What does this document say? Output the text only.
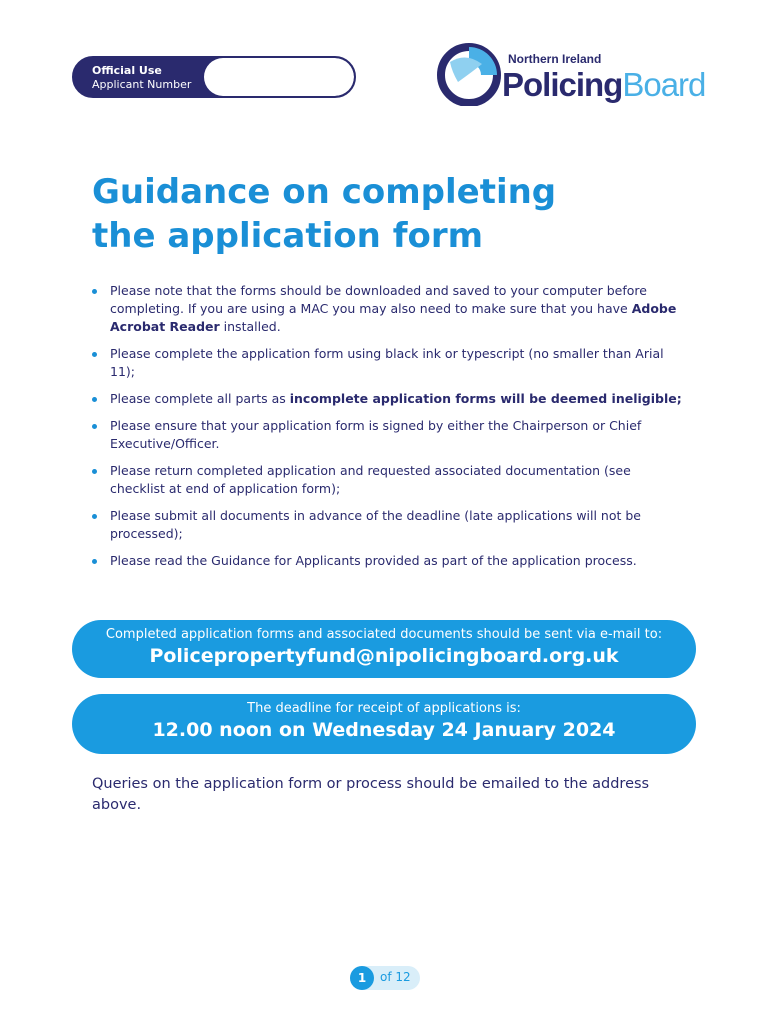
Official Use
Applicant Number
Northern Ireland
PolicingBoard
Guidance on completing
the application form
Please note that the forms should be downloaded and saved to your computer before completing. If you are using a MAC you may also need to make sure that you have Adobe Acrobat Reader installed.
Please complete the application form using black ink or typescript (no smaller than Arial 11);
Please complete all parts as incomplete application forms will be deemed ineligible;
Please ensure that your application form is signed by either the Chairperson or Chief Executive/Officer.
Please return completed application and requested associated documentation (see checklist at end of application form);
Please submit all documents in advance of the deadline (late applications will not be processed);
Please read the Guidance for Applicants provided as part of the application process.
Completed application forms and associated documents should be sent via e-mail to:
Policepropertyfund@nipolicingboard.org.uk
The deadline for receipt of applications is:
12.00 noon on Wednesday 24 January 2024

Queries on the application form or process should be emailed to the address above.

1	of 12
